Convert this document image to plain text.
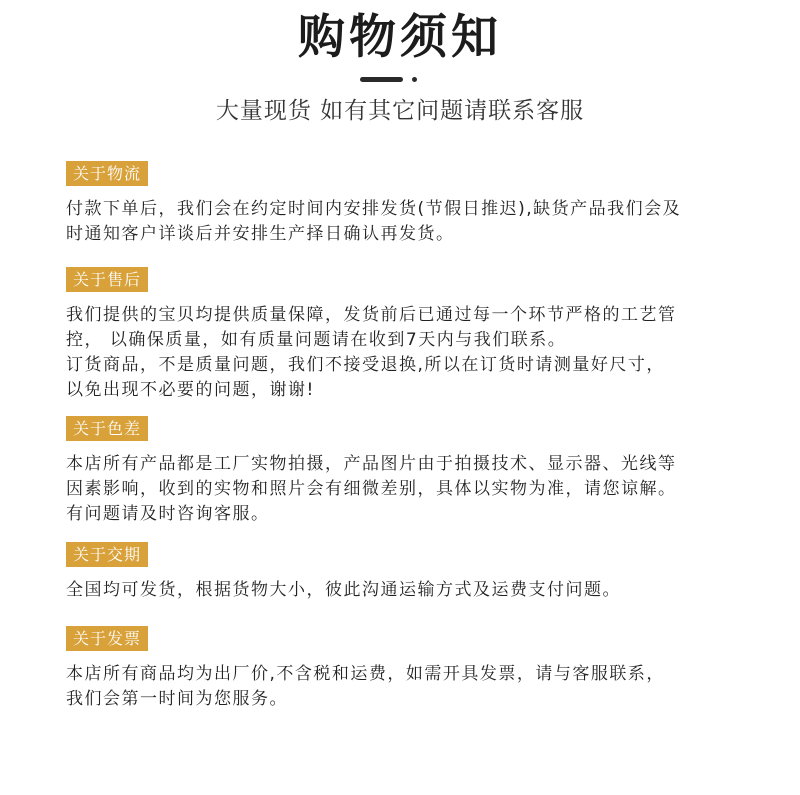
购物须知
大量现货 如有其它问题请联系客服
关于物流

付款下单后，我们会在约定时间内安排发货(节假日推迟),缺货产品我们会及

时通知客户详谈后并安排生产择日确认再发货。

关于售后

我们提供的宝贝均提供质量保障，发货前后已通过每一个环节严格的工艺管

控， 以确保质量，如有质量问题请在收到7天内与我们联系。

订货商品，不是质量问题，我们不接受退换,所以在订货时请测量好尺寸，

以免出现不必要的问题，谢谢!

关于色差

本店所有产品都是工厂实物拍摄，产品图片由于拍摄技术、显示器、光线等

因素影响，收到的实物和照片会有细微差别，具体以实物为准，请您谅解。

有问题请及时咨询客服。

关于交期

全国均可发货，根据货物大小，彼此沟通运输方式及运费支付问题。

关于发票

本店所有商品均为出厂价,不含税和运费，如需开具发票，请与客服联系，

我们会第一时间为您服务。
